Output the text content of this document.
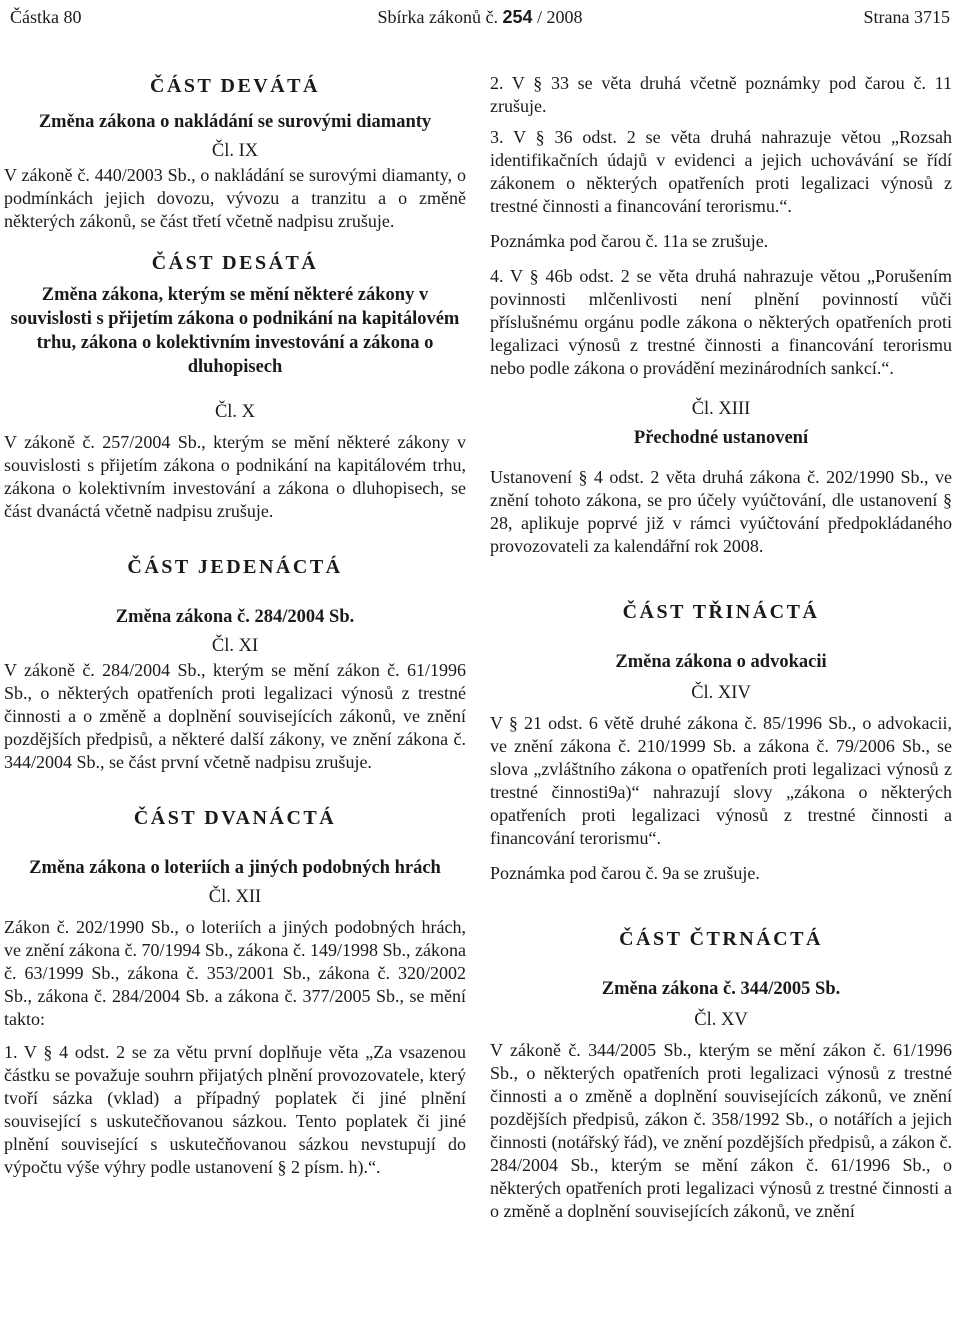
Částka 80	Sbírka zákonů č. 254 / 2008	Strana 3715
ČÁST DEVÁTÁ
Změna zákona o nakládání se surovými diamanty
Čl. IX

V zákoně č. 440/2003 Sb., o nakládání se surovými diamanty, o podmínkách jejich dovozu, vývozu a tranzitu a o změně některých zákonů, se část třetí včetně nadpisu zrušuje.

ČÁST DESÁTÁ
Změna zákona, kterým se mění některé zákony v souvislosti s přijetím zákona o podnikání na kapitálovém trhu, zákona o kolektivním investování a zákona o dluhopisech
Čl. X

V zákoně č. 257/2004 Sb., kterým se mění některé zákony v souvislosti s přijetím zákona o podnikání na kapitálovém trhu, zákona o kolektivním investování a zákona o dluhopisech, se část dvanáctá včetně nadpisu zrušuje.

ČÁST JEDENÁCTÁ
Změna zákona č. 284/2004 Sb.
Čl. XI

V zákoně č. 284/2004 Sb., kterým se mění zákon č. 61/1996 Sb., o některých opatřeních proti legalizaci výnosů z trestné činnosti a o změně a doplnění souvisejících zákonů, ve znění pozdějších předpisů, a některé další zákony, ve znění zákona č. 344/2004 Sb., se část první včetně nadpisu zrušuje.

ČÁST DVANÁCTÁ
Změna zákona o loteriích a jiných podobných hrách
Čl. XII

Zákon č. 202/1990 Sb., o loteriích a jiných podobných hrách, ve znění zákona č. 70/1994 Sb., zákona č. 149/1998 Sb., zákona č. 63/1999 Sb., zákona č. 353/2001 Sb., zákona č. 320/2002 Sb., zákona č. 284/2004 Sb. a zákona č. 377/2005 Sb., se mění takto:

1. V § 4 odst. 2 se za větu první doplňuje věta „Za vsazenou částku se považuje souhrn přijatých plnění provozovatele, který tvoří sázka (vklad) a případný poplatek či jiné plnění související s uskutečňovanou sázkou. Tento poplatek či jiné plnění související s uskutečňovanou sázkou nevstupují do výpočtu výše výhry podle ustanovení § 2 písm. h).“.

2. V § 33 se věta druhá včetně poznámky pod čarou č. 11 zrušuje.

3. V § 36 odst. 2 se věta druhá nahrazuje větou „Rozsah identifikačních údajů v evidenci a jejich uchovávání se řídí zákonem o některých opatřeních proti legalizaci výnosů z trestné činnosti a financování terorismu.“.

Poznámka pod čarou č. 11a se zrušuje.

4. V § 46b odst. 2 se věta druhá nahrazuje větou „Porušením povinnosti mlčenlivosti není plnění povinností vůči příslušnému orgánu podle zákona o některých opatřeních proti legalizaci výnosů z trestné činnosti a financování terorismu nebo podle zákona o provádění mezinárodních sankcí.“.

Čl. XIII
Přechodné ustanovení

Ustanovení § 4 odst. 2 věta druhá zákona č. 202/1990 Sb., ve znění tohoto zákona, se pro účely vyúčtování, dle ustanovení § 28, aplikuje poprvé již v rámci vyúčtování předpokládaného provozovateli za kalendářní rok 2008.

ČÁST TŘINÁCTÁ
Změna zákona o advokacii
Čl. XIV

V § 21 odst. 6 větě druhé zákona č. 85/1996 Sb., o advokacii, ve znění zákona č. 210/1999 Sb. a zákona č. 79/2006 Sb., se slova „zvláštního zákona o opatřeních proti legalizaci výnosů z trestné činnosti9a)“ nahrazují slovy „zákona o některých opatřeních proti legalizaci výnosů z trestné činnosti a financování terorismu“.

Poznámka pod čarou č. 9a se zrušuje.

ČÁST ČTRNÁCTÁ
Změna zákona č. 344/2005 Sb.
Čl. XV

V zákoně č. 344/2005 Sb., kterým se mění zákon č. 61/1996 Sb., o některých opatřeních proti legalizaci výnosů z trestné činnosti a o změně a doplnění souvisejících zákonů, ve znění pozdějších předpisů, zákon č. 358/1992 Sb., o notářích a jejich činnosti (notářský řád), ve znění pozdějších předpisů, a zákon č. 284/2004 Sb., kterým se mění zákon č. 61/1996 Sb., o některých opatřeních proti legalizaci výnosů z trestné činnosti a o změně a doplnění souvisejících zákonů, ve znění
